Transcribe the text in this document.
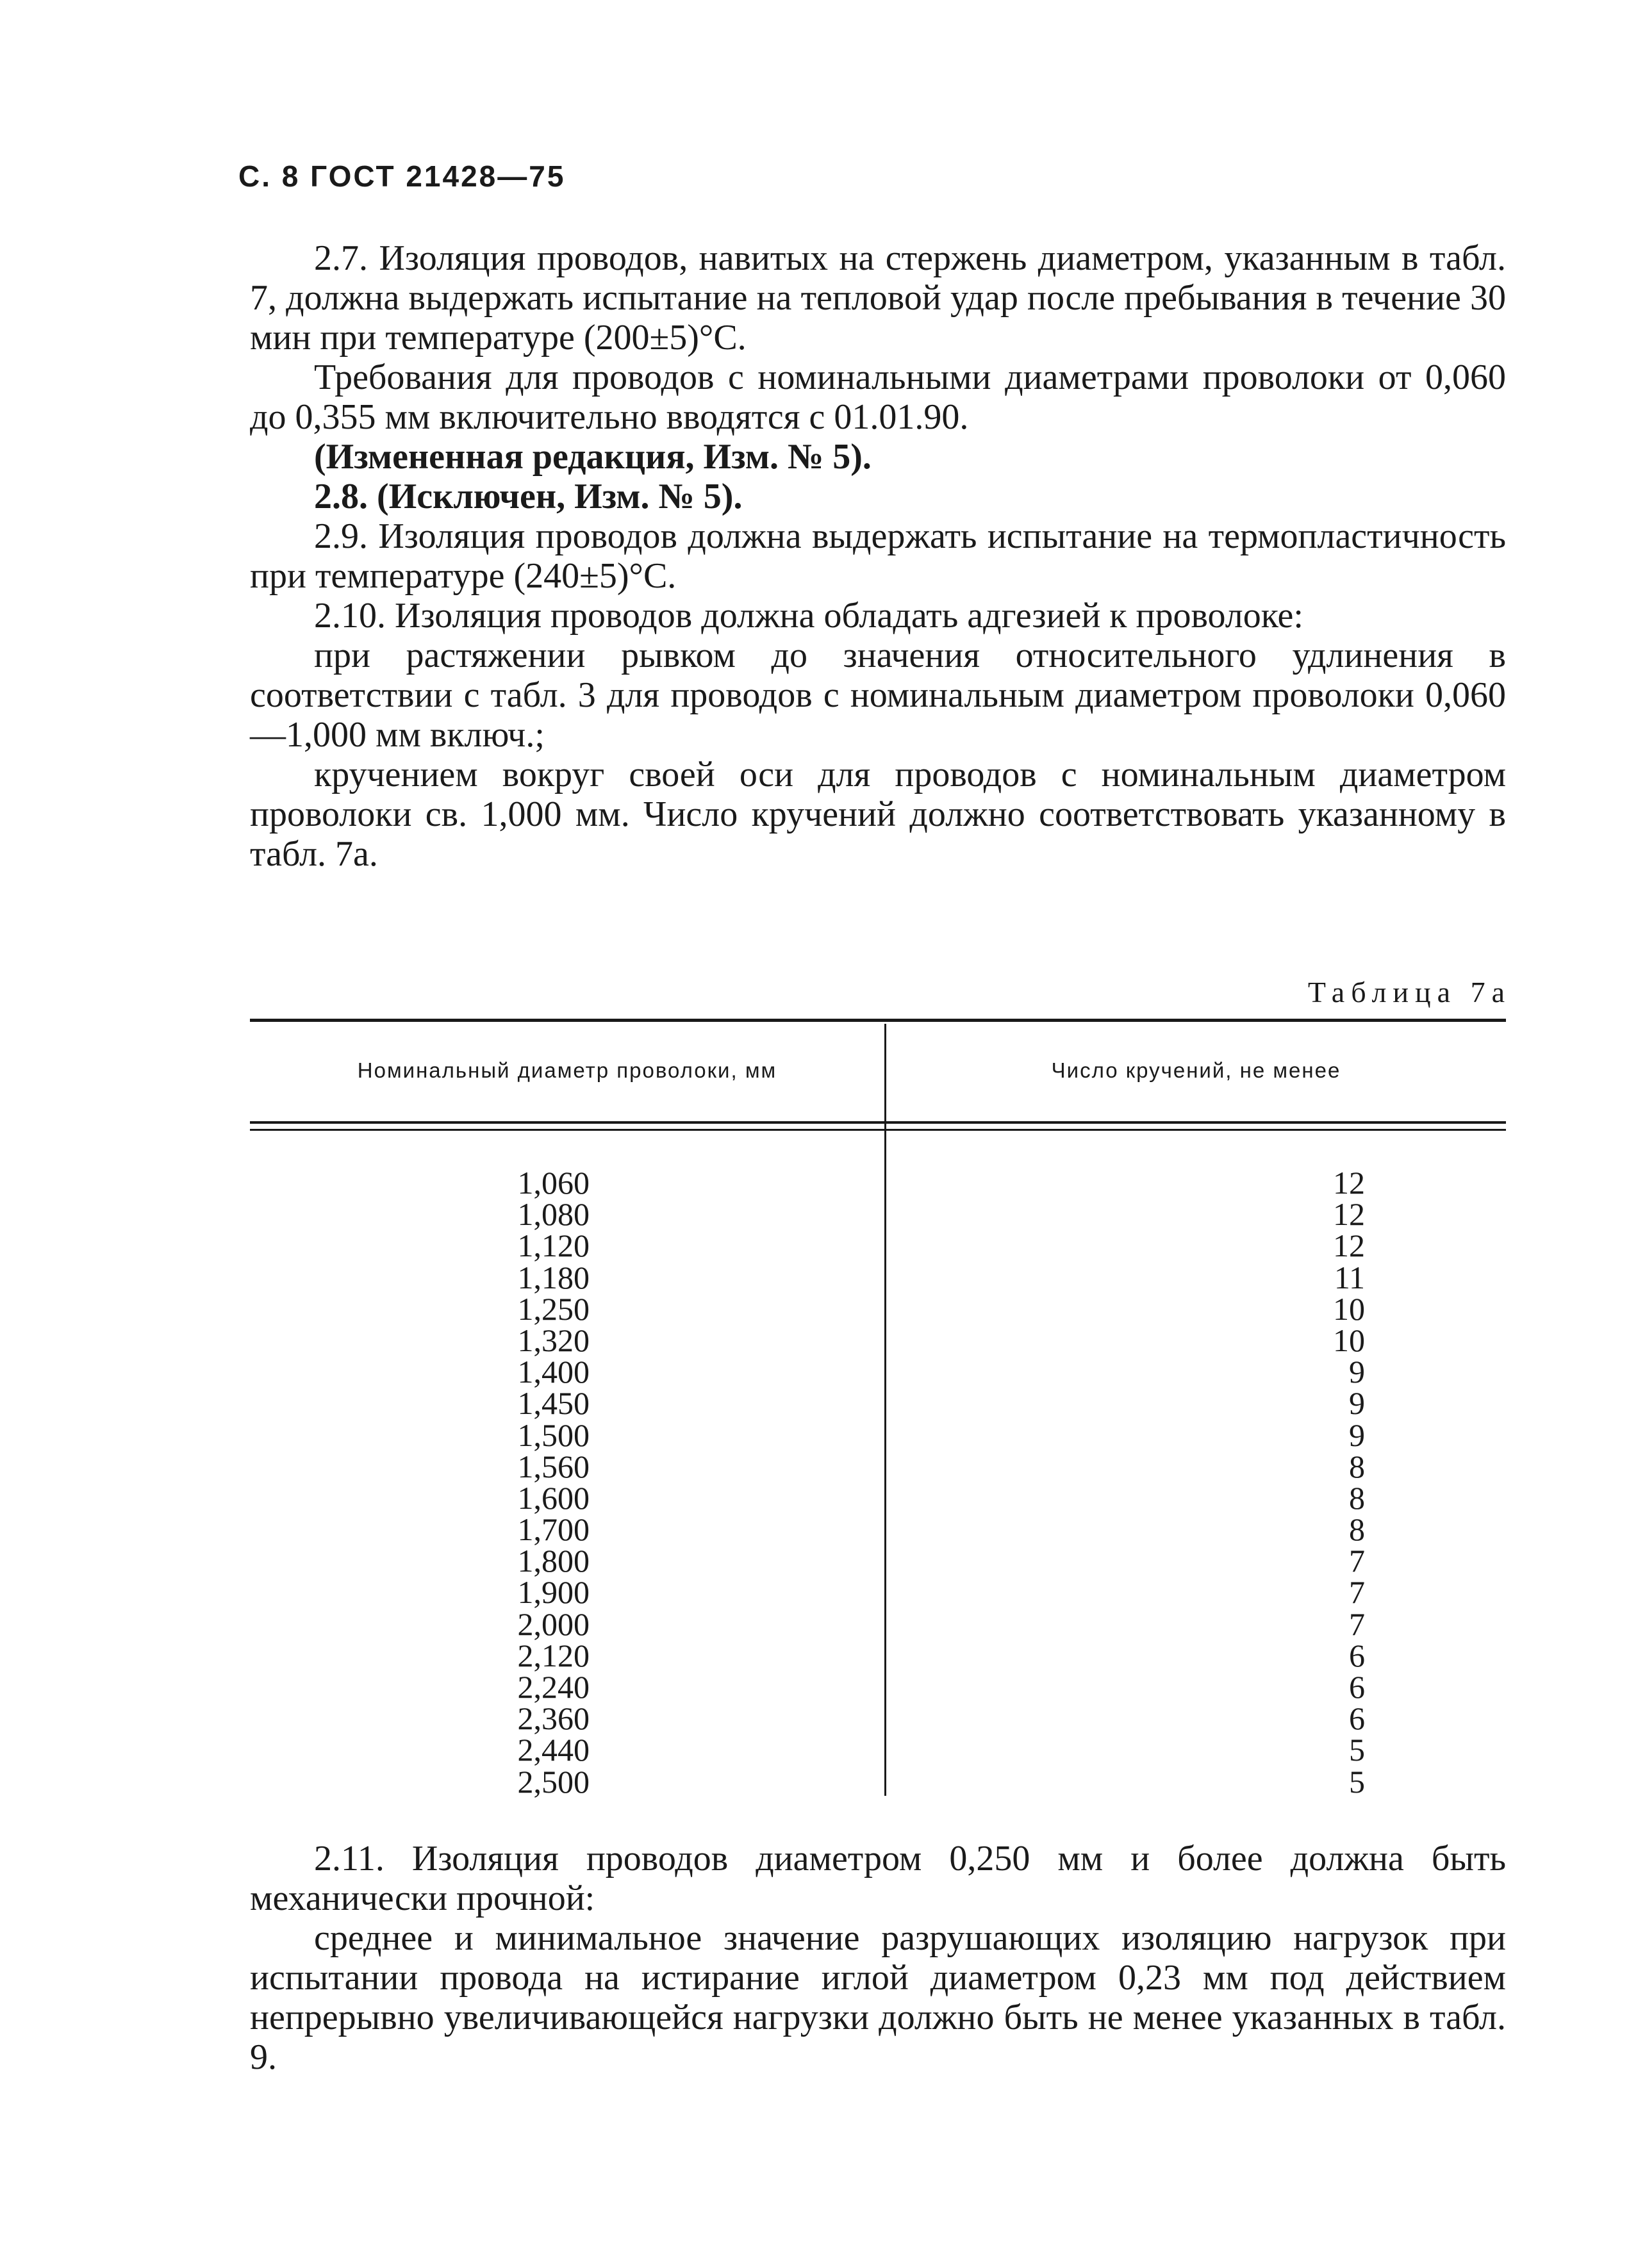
С. 8 ГОСТ 21428—75

2.7. Изоляция проводов, навитых на стержень диаметром, указанным в табл. 7, должна выдержать испытание на тепловой удар после пребывания в течение 30 мин при температуре (200±5)°С.

Требования для проводов с номинальными диаметрами проволоки от 0,060 до 0,355 мм включительно вводятся с 01.01.90.

(Измененная редакция, Изм. № 5).

2.8. (Исключен, Изм. № 5).

2.9. Изоляция проводов должна выдержать испытание на термопластичность при температуре (240±5)°С.

2.10. Изоляция проводов должна обладать адгезией к проволоке:

при растяжении рывком до значения относительного удлинения в соответствии с табл. 3 для проводов с номинальным диаметром проволоки 0,060—1,000 мм включ.;

кручением вокруг своей оси для проводов с номинальным диаметром проволоки св. 1,000 мм. Число кручений должно соответствовать указанному в табл. 7а.

Таблица 7а
Номинальный диаметр проволоки, мм	Число кручений, не менее
1,060
1,080
1,120
1,180
1,250
1,320
1,400
1,450
1,500
1,560
1,600
1,700
1,800
1,900
2,000
2,120
2,240
2,360
2,440
2,500
12
12
12
11
10
10
9
9
9
8
8
8
7
7
7
6
6
6
5
5

2.11. Изоляция проводов диаметром 0,250 мм и более должна быть механически прочной:

среднее и минимальное значение разрушающих изоляцию нагрузок при испытании провода на истирание иглой диаметром 0,23 мм под действием непрерывно увеличивающейся нагрузки должно быть не менее указанных в табл. 9.
